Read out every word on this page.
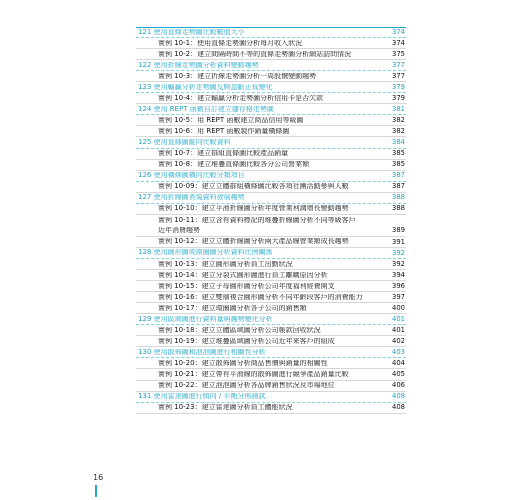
121 使用直條走勢圖比較數值大小	374
實例 10-1：使用直條走勢圖分析每月收入狀況	374
實例 10-2：建立間隔時間不等的直條走勢圖分析網站訪問情況	375
122 使用折線走勢圖分析資料變動趨勢	377
實例 10-3：建立折線走勢圖分析一周股價變動趨勢	377
123 使用輸贏分析走勢圖反映盈虧正負變化	379
實例 10-4：建立輸贏分析走勢圖分析信用卡是否欠款	379
124 使用 REPT 函數自訂建立儲存格走勢圖	381
實例 10-5：用 REPT 函數建立商品信用等級圖	382
實例 10-6：用 REPT 函數製作銷量橫條圖	382
125 使用直條圖縱向比較資料	384
實例 10-7：建立群組直條圖比較產品銷量	385
實例 10-8：建立堆疊直條圖比較各分公司營業額	385
126 使用橫條圖橫向比較分類項目	387
實例 10-09：建立立體群組橫條圖比較各項社團活動參與人數	387
127 使用折線圖表現資料發展趨勢	388
實例 10-10：建立平滑折線圖分析年度營業利潤增長變動趨勢	388
實例 10-11：建立含有資料標記的堆疊折線圖分析不同等級客戶
近年消費趨勢	389
實例 10-12：建立立體折線圖分析兩大產品線營業額成長趨勢	391
128 使用圓形圖或環圈圖分析資料比例關係	392
實例 10-13：建立圓形圖分析員工出勤狀況	392
實例 10-14：建立分裂式圓形圖進行員工離職原因分析	394
實例 10-15：建立子母圓形圖分析公司年度福利經費開支	396
實例 10-16：建立雙層複合圓形圖分析不同年齡段客戶的消費能力	397
實例 10-17：建立環圈圖分析各子公司的銷售額	400
129 使用區域圖進行資料量與趨勢變化分析	401
實例 10-18：建立立體區域圖分析公司帳款回收狀況	401
實例 10-19：建立堆疊區域圖分析公司近年來客戶的組成	402
130 使用散佈圖和泡泡圖進行相關性分析	403
實例 10-20：建立散佈圖分析商品售價與銷量的相關性	404
實例 10-21：建立帶有平滑線的散佈圖進行競爭產品銷量比較	405
實例 10-22：建立泡泡圖分析各品牌銷售狀況及市場地位	406
131 使用雷達圖進行傾向 / 平衡分佈測試	408
實例 10-23：建立雷達圖分析員工體能狀況	408
16
